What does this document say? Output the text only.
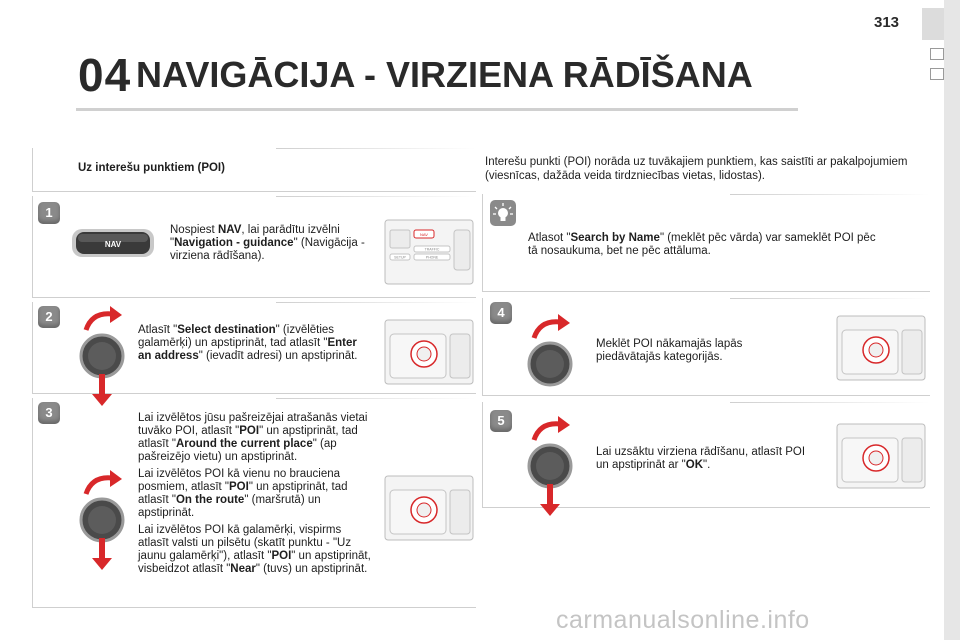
313
04 NAVIGĀCIJA - VIRZIENA RĀDĪŠANA
Uz interešu punktiem (POI)	Interešu punkti (POI) norāda uz tuvākajiem punktiem, kas saistīti ar pakalpojumiem (viesnīcas, dažāda veida tirdzniecības vietas, lidostas).
1
2
3
4
5
NAV

Nospiest NAV, lai parādītu izvēlni "Navigation - guidance" (Navigācija - virziena rādīšana).

NAV
TRAFFIC
PHONE
SETUP

Atlasīt "Select destination" (izvēlēties galamērķi) un apstiprināt, tad atlasīt "Enter an address" (ievadīt adresi) un apstiprināt.

Lai izvēlētos jūsu pašreizējai atrašanās vietai tuvāko POI, atlasīt "POI" un apstiprināt, tad atlasīt "Around the current place" (ap pašreizējo vietu) un apstiprināt.

Lai izvēlētos POI kā vienu no brauciena posmiem, atlasīt "POI" un apstiprināt, tad atlasīt "On the route" (maršrutā) un apstiprināt.

Lai izvēlētos POI kā galamērķi, vispirms atlasīt valsti un pilsētu (skatīt punktu - "Uz jaunu galamērķi"), atlasīt "POI" un apstiprināt, visbeidzot atlasīt "Near" (tuvs) un apstiprināt.

Atlasot "Search by Name" (meklēt pēc vārda) var sameklēt POI pēc tā nosaukuma, bet ne pēc attāluma.

Meklēt POI nākamajās lapās piedāvātajās kategorijās.

Lai uzsāktu virziena rādīšanu, atlasīt POI un apstiprināt ar "OK".

carmanualsonline.info
